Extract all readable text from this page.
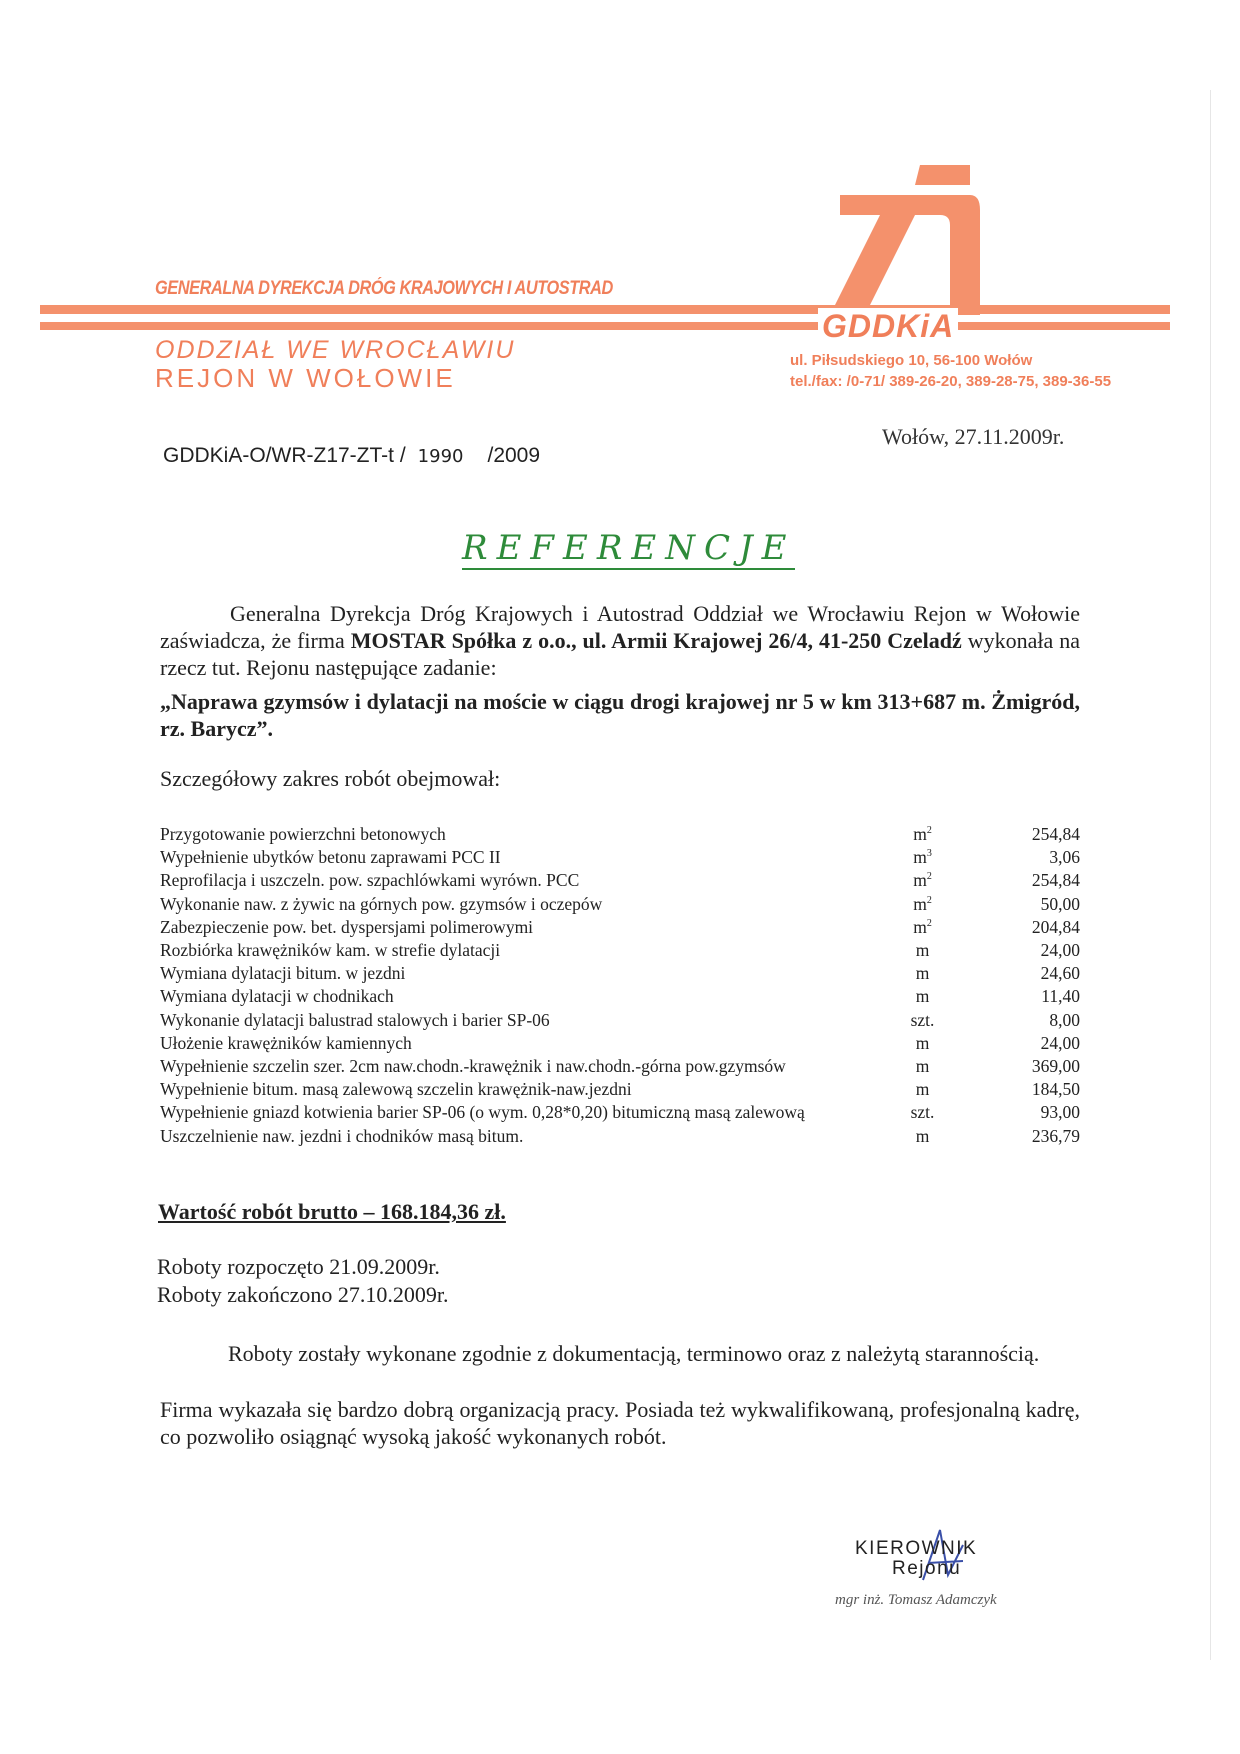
GENERALNA DYREKCJA DRÓG KRAJOWYCH I AUTOSTRAD
GDDKiA
ODDZIAŁ WE WROCŁAWIU
REJON W WOŁOWIE
ul. Piłsudskiego 10, 56-100 Wołów
tel./fax: /0-71/ 389-26-20, 389-28-75, 389-36-55
Wołów, 27.11.2009r.
GDDKiA-O/WR-Z17-ZT-t / 1990 /2009
REFERENCJE
Generalna Dyrekcja Dróg Krajowych i Autostrad Oddział we Wrocławiu Rejon w Wołowie zaświadcza, że firma MOSTAR Spółka z o.o., ul. Armii Krajowej 26/4, 41-250 Czeladź wykonała na rzecz tut. Rejonu następujące zadanie:
„Naprawa gzymsów i dylatacji na moście w ciągu drogi krajowej nr 5 w km 313+687 m. Żmigród, rz. Barycz”.
Szczegółowy zakres robót obejmował:
Przygotowanie powierzchni betonowych	$m^2$	254,84
Wypełnienie ubytków betonu zaprawami PCC II	$m^3$	3,06
Reprofilacja i uszczeln. pow. szpachlówkami wyrówn. PCC	$m^2$	254,84
Wykonanie naw. z żywic na górnych pow. gzymsów i oczepów	$m^2$	50,00
Zabezpieczenie pow. bet. dyspersjami polimerowymi	$m^2$	204,84
Rozbiórka krawężników kam. w strefie dylatacji	m	24,00
Wymiana dylatacji bitum. w jezdni	m	24,60
Wymiana dylatacji w chodnikach	m	11,40
Wykonanie dylatacji balustrad stalowych i barier SP-06	szt.	8,00
Ułożenie krawężników kamiennych	m	24,00
Wypełnienie szczelin szer. 2cm naw.chodn.-krawężnik i naw.chodn.-górna pow.gzymsów	m	369,00
Wypełnienie bitum. masą zalewową szczelin krawężnik-naw.jezdni	m	184,50
Wypełnienie gniazd kotwienia barier SP-06 (o wym. 0,28*0,20) bitumiczną masą zalewową	szt.	93,00
Uszczelnienie naw. jezdni i chodników masą bitum.	m	236,79
Wartość robót brutto – 168.184,36 zł.
Roboty rozpoczęto 21.09.2009r.
Roboty zakończono 27.10.2009r.
Roboty zostały wykonane zgodnie z dokumentacją, terminowo oraz z należytą starannością.
Firma wykazała się bardzo dobrą organizacją pracy. Posiada też wykwalifikowaną, profesjonalną kadrę, co pozwoliło osiągnąć wysoką jakość wykonanych robót.
KIEROWNIK
Rejonu
mgr inż. Tomasz Adamczyk
